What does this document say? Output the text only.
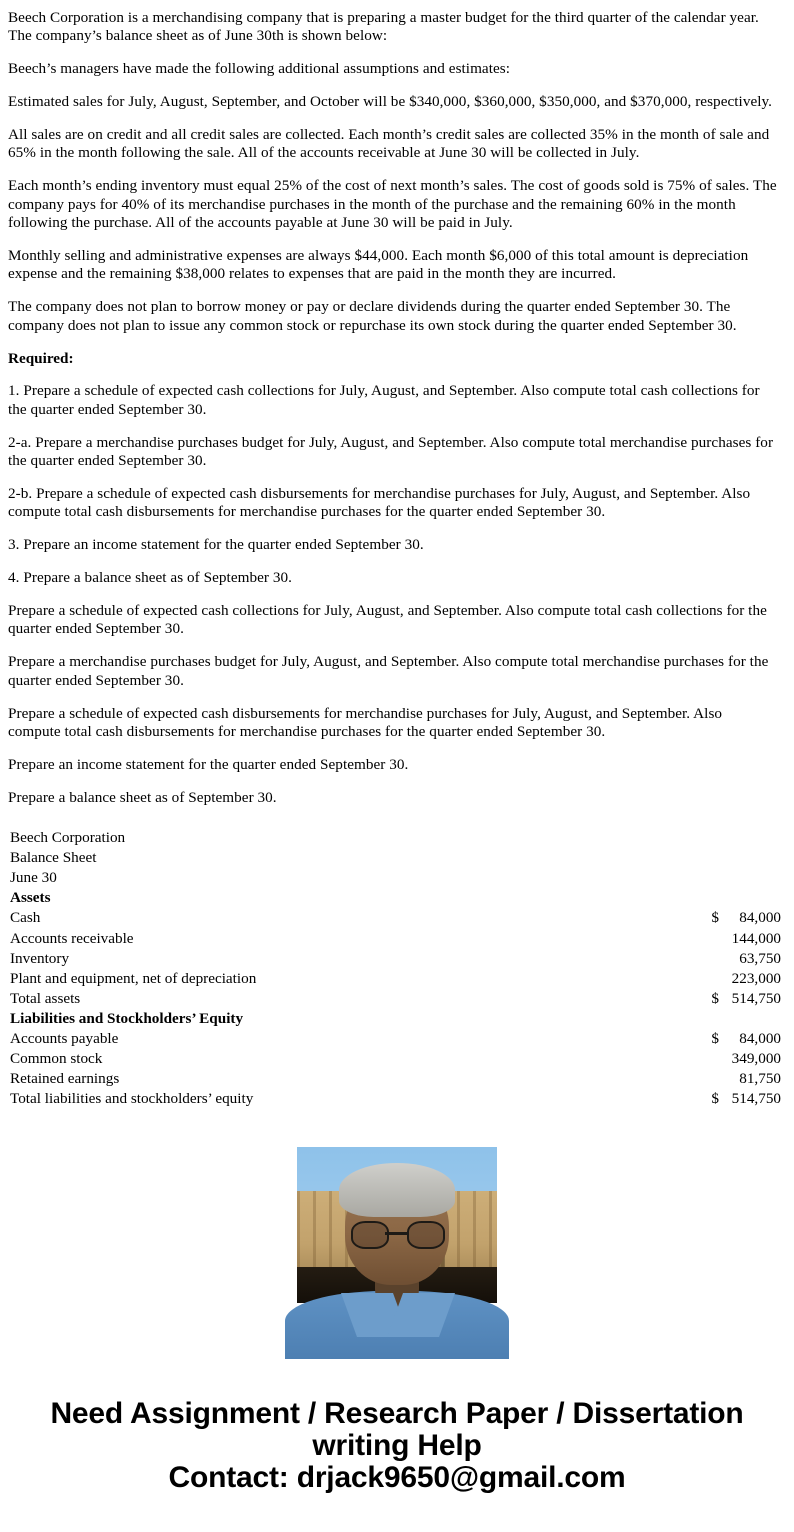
Beech Corporation is a merchandising company that is preparing a master budget for the third quarter of the calendar year. The company’s balance sheet as of June 30th is shown below:

Beech’s managers have made the following additional assumptions and estimates:

Estimated sales for July, August, September, and October will be $340,000, $360,000, $350,000, and $370,000, respectively.

All sales are on credit and all credit sales are collected. Each month’s credit sales are collected 35% in the month of sale and 65% in the month following the sale. All of the accounts receivable at June 30 will be collected in July.

Each month’s ending inventory must equal 25% of the cost of next month’s sales. The cost of goods sold is 75% of sales. The company pays for 40% of its merchandise purchases in the month of the purchase and the remaining 60% in the month following the purchase. All of the accounts payable at June 30 will be paid in July.

Monthly selling and administrative expenses are always $44,000. Each month $6,000 of this total amount is depreciation expense and the remaining $38,000 relates to expenses that are paid in the month they are incurred.

The company does not plan to borrow money or pay or declare dividends during the quarter ended September 30. The company does not plan to issue any common stock or repurchase its own stock during the quarter ended September 30.

Required:

1. Prepare a schedule of expected cash collections for July, August, and September. Also compute total cash collections for the quarter ended September 30.

2-a. Prepare a merchandise purchases budget for July, August, and September. Also compute total merchandise purchases for the quarter ended September 30.

2-b. Prepare a schedule of expected cash disbursements for merchandise purchases for July, August, and September. Also compute total cash disbursements for merchandise purchases for the quarter ended September 30.

3. Prepare an income statement for the quarter ended September 30.

4. Prepare a balance sheet as of September 30.

Prepare a schedule of expected cash collections for July, August, and September. Also compute total cash collections for the quarter ended September 30.

Prepare a merchandise purchases budget for July, August, and September. Also compute total merchandise purchases for the quarter ended September 30.

Prepare a schedule of expected cash disbursements for merchandise purchases for July, August, and September. Also compute total cash disbursements for merchandise purchases for the quarter ended September 30.

Prepare an income statement for the quarter ended September 30.

Prepare a balance sheet as of September 30.

Beech Corporation		
Balance Sheet		
June 30		
Assets		
Cash	$	84,000
Accounts receivable		144,000
Inventory		63,750
Plant and equipment, net of depreciation		223,000
Total assets	$	514,750
Liabilities and Stockholders’ Equity		
Accounts payable	$	84,000
Common stock		349,000
Retained earnings		81,750
Total liabilities and stockholders’ equity	$	514,750
Need Assignment / Research Paper / Dissertation
writing Help
Contact: drjack9650@gmail.com
